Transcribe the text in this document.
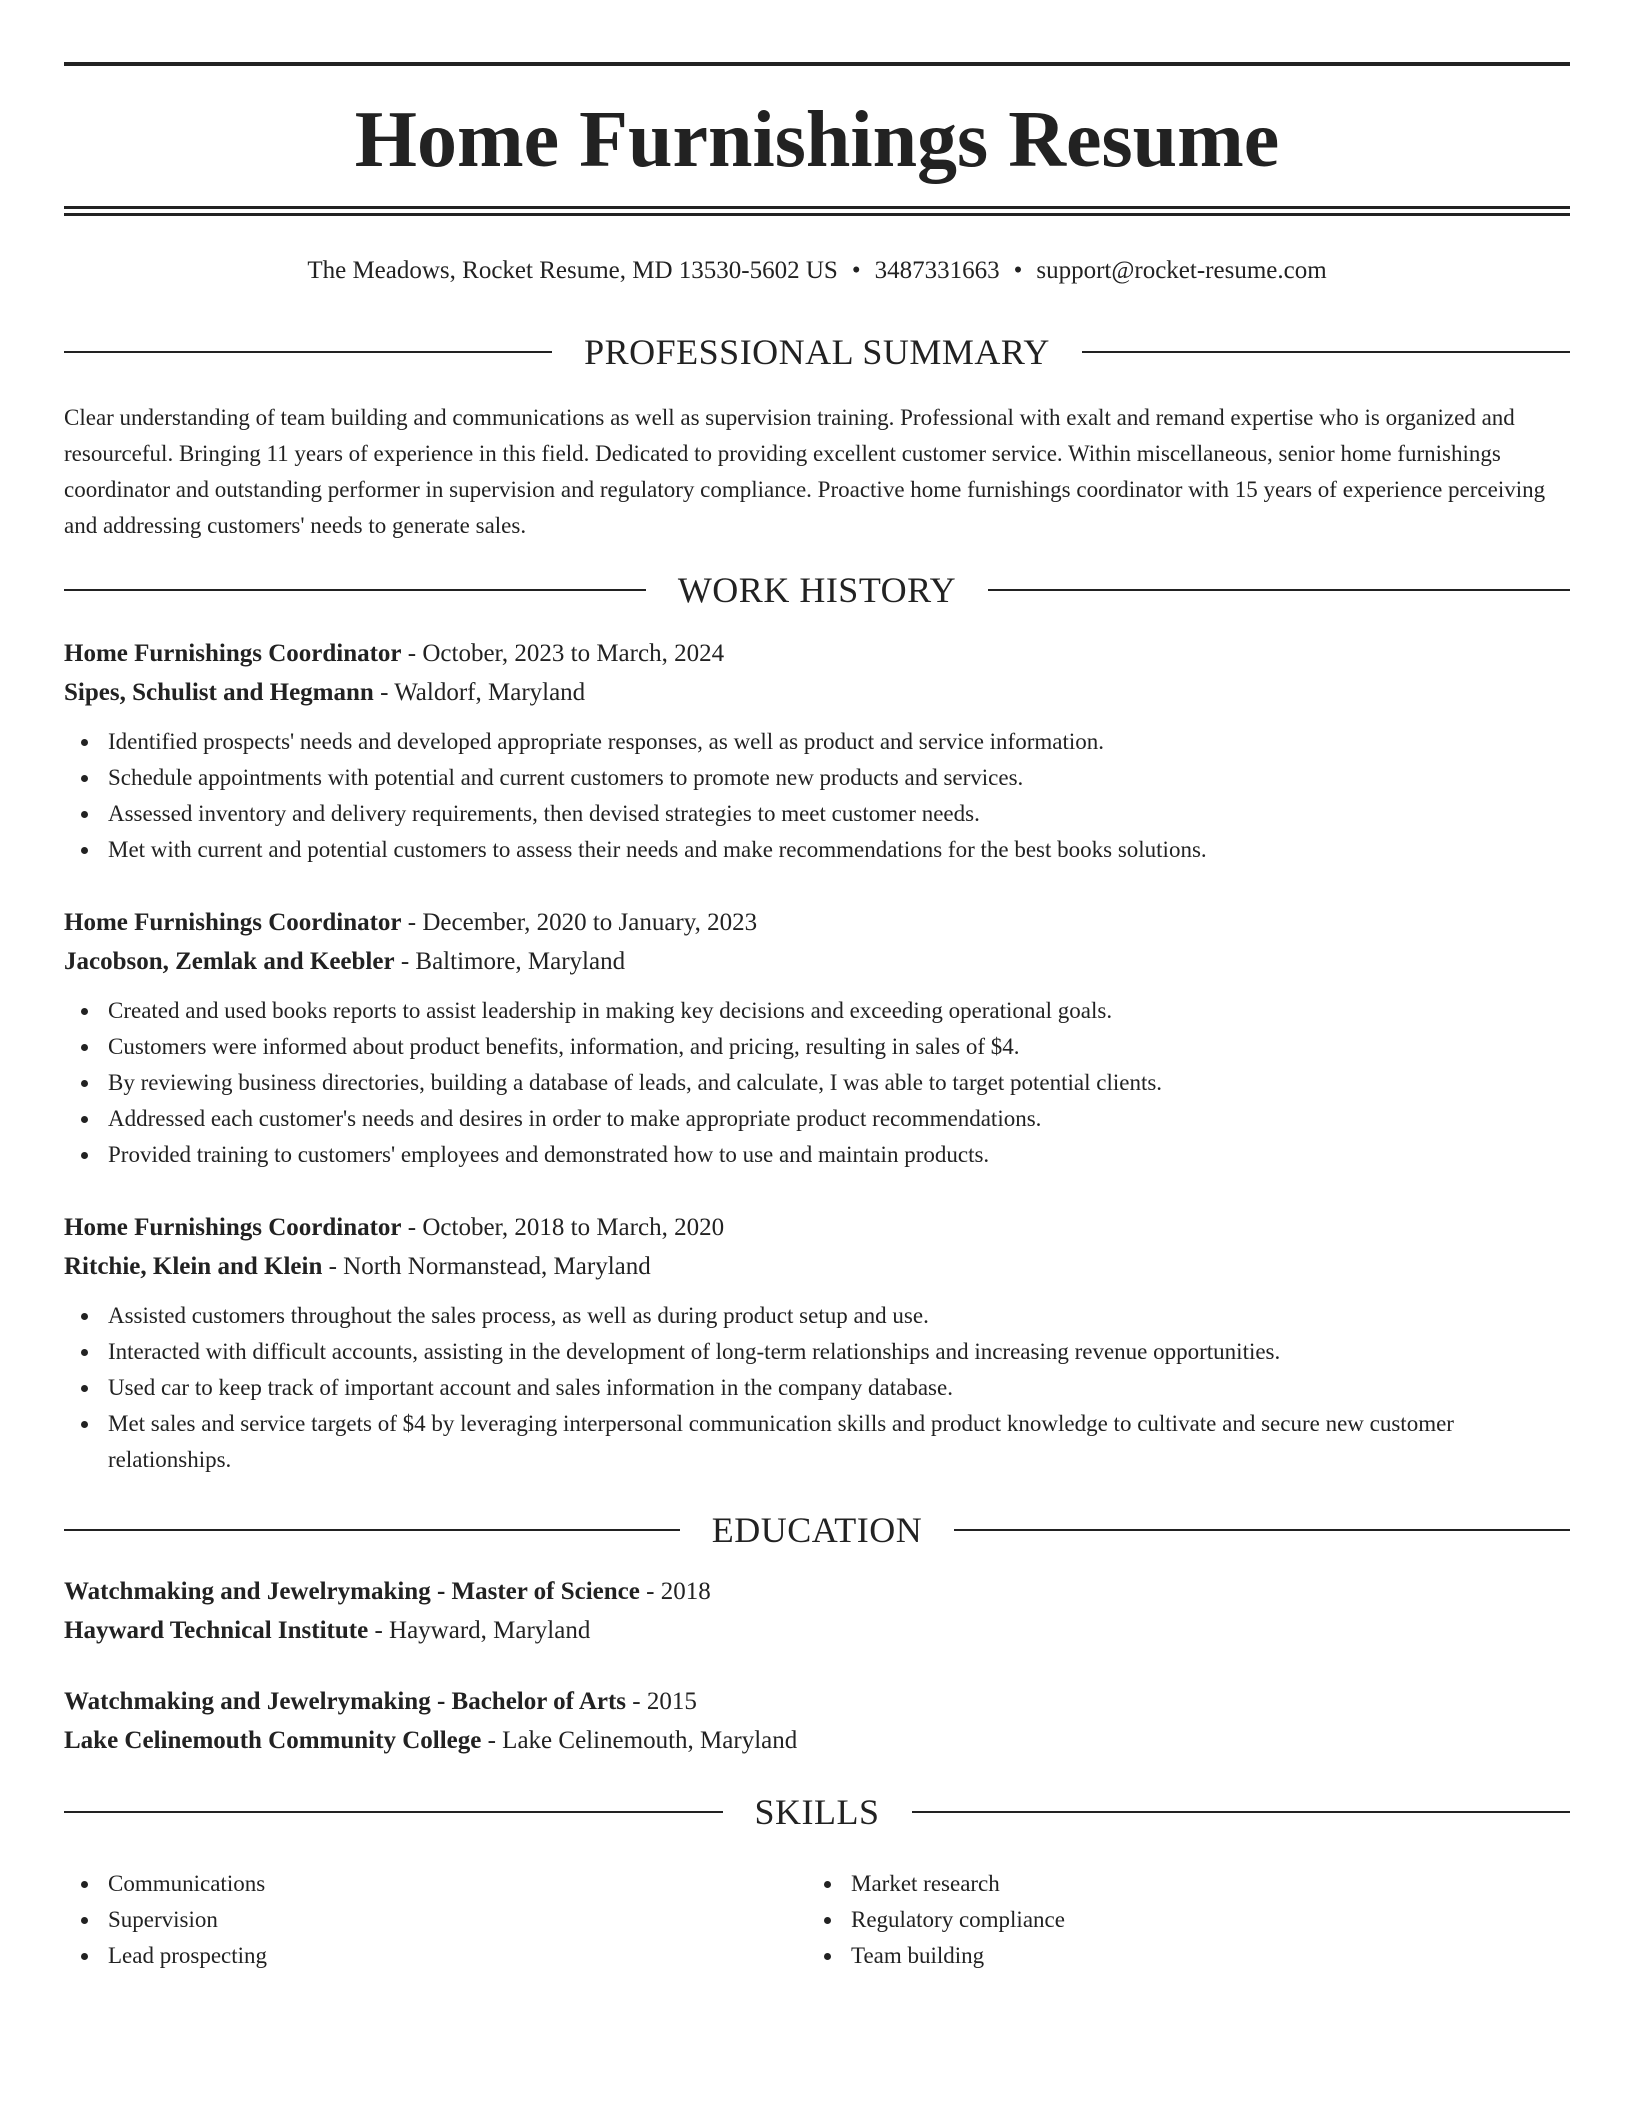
Home Furnishings Resume
The Meadows, Rocket Resume, MD 13530-5602 US • 3487331663 • support@rocket-resume.com
PROFESSIONAL SUMMARY

Clear understanding of team building and communications as well as supervision training. Professional with exalt and remand expertise who is organized and resourceful. Bringing 11 years of experience in this field. Dedicated to providing excellent customer service. Within miscellaneous, senior home furnishings coordinator and outstanding performer in supervision and regulatory compliance. Proactive home furnishings coordinator with 15 years of experience perceiving and addressing customers' needs to generate sales.

WORK HISTORY
Home Furnishings Coordinator - October, 2023 to March, 2024
Sipes, Schulist and Hegmann - Waldorf, Maryland
Identified prospects' needs and developed appropriate responses, as well as product and service information.
Schedule appointments with potential and current customers to promote new products and services.
Assessed inventory and delivery requirements, then devised strategies to meet customer needs.
Met with current and potential customers to assess their needs and make recommendations for the best books solutions.
Home Furnishings Coordinator - December, 2020 to January, 2023
Jacobson, Zemlak and Keebler - Baltimore, Maryland
Created and used books reports to assist leadership in making key decisions and exceeding operational goals.
Customers were informed about product benefits, information, and pricing, resulting in sales of $4.
By reviewing business directories, building a database of leads, and calculate, I was able to target potential clients.
Addressed each customer's needs and desires in order to make appropriate product recommendations.
Provided training to customers' employees and demonstrated how to use and maintain products.
Home Furnishings Coordinator - October, 2018 to March, 2020
Ritchie, Klein and Klein - North Normanstead, Maryland
Assisted customers throughout the sales process, as well as during product setup and use.
Interacted with difficult accounts, assisting in the development of long-term relationships and increasing revenue opportunities.
Used car to keep track of important account and sales information in the company database.
Met sales and service targets of $4 by leveraging interpersonal communication skills and product knowledge to cultivate and secure new customer relationships.
EDUCATION
Watchmaking and Jewelrymaking - Master of Science - 2018
Hayward Technical Institute - Hayward, Maryland
Watchmaking and Jewelrymaking - Bachelor of Arts - 2015
Lake Celinemouth Community College - Lake Celinemouth, Maryland
SKILLS
Communications
Supervision
Lead prospecting
Market research
Regulatory compliance
Team building
